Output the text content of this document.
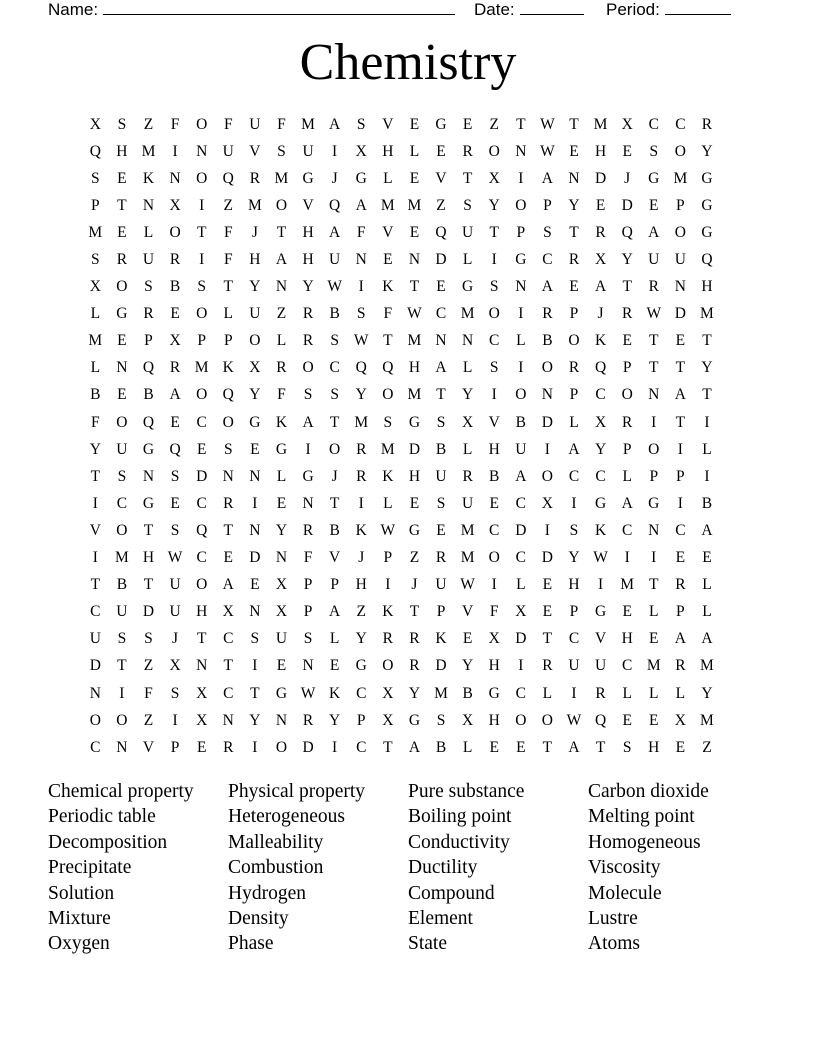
Name:	Date:	Period:
Chemistry
X	S	Z	F	O	F	U	F M A	S	V	E	G	E	Z	T W T M X	C	C	R
Q H M	I	N U V	S	U	I	X H	L	E	R	O N W E	H	E	S	O Y
S	E	K N O Q	R M G	J	G	L	E	V	T	X	I	A N D	J	G M G
P	T	N X	I	Z M O V Q A M M Z	S	Y O	P	Y	E	D	E	P	G
M E	L	O	T	F	J	T	H A	F	V	E	Q U	T	P	S	T	R	Q A O G
S	R	U	R	I	F	H A H U N	E	N D	L	I	G	C	R	X Y U U Q
X O	S	B	S	T	Y N Y W	I	K	T	E	G	S	N A	E	A	T	R	N H
L	G	R	E	O	L	U	Z	R	B	S	F W C M O	I	R	P	J	R W D M
M E	P	X	P	P	O	L	R	S W T M N N	C	L	B	O K	E	T	E	T
L	N Q	R M K X	R	O	C	Q Q H A	L	S	I	O	R	Q	P	T	T	Y
B	E	B	A O Q Y	F	S	S	Y O M T	Y	I	O N	P	C	O N A	T
F	O Q	E	C	O G K A	T M S	G	S	X V	B	D	L	X	R	I	T	I
Y U G Q	E	S	E	G	I	O	R M D	B	L	H U	I	A Y	P	O	I	L
T	S	N	S	D N N	L	G	J	R	K H U	R	B	A O	C	C	L	P	P	I
I	C	G	E	C	R	I	E	N	T	I	L	E	S	U	E	C	X	I	G A G	I	B
V O	T	S	Q	T	N Y	R	B	K W G	E M C	D	I	S	K	C	N	C	A
I	M H W C	E	D N	F	V	J	P	Z	R M O	C	D Y W	I	I	E	E
T	B	T	U O A	E	X	P	P	H	I	J	U W	I	L	E	H	I	M T	R	L
C	U D U H X N X	P	A	Z	K	T	P	V	F	X	E	P	G	E	L	P	L
U	S	S	J	T	C	S	U	S	L	Y	R	R	K	E	X D	T	C	V H	E	A A
D	T	Z	X N	T	I	E	N	E	G O	R	D Y H	I	R	U U	C M R M
N	I	F	S	X	C	T	G W K	C	X Y M B	G	C	L	I	R	L	L	L	Y
O O	Z	I	X N Y N	R	Y	P	X G	S	X H O O W Q	E	E	X M
C	N V	P	E	R	I	O D	I	C	T	A	B	L	E	E	T	A	T	S	H	E	Z
Chemical property	Physical property	Pure substance	Carbon dioxide
Periodic table	Heterogeneous	Boiling point	Melting point
Decomposition	Malleability	Conductivity	Homogeneous
Precipitate	Combustion	Ductility	Viscosity
Solution	Hydrogen	Compound	Molecule
Mixture	Density	Element	Lustre
Oxygen	Phase	State	Atoms
